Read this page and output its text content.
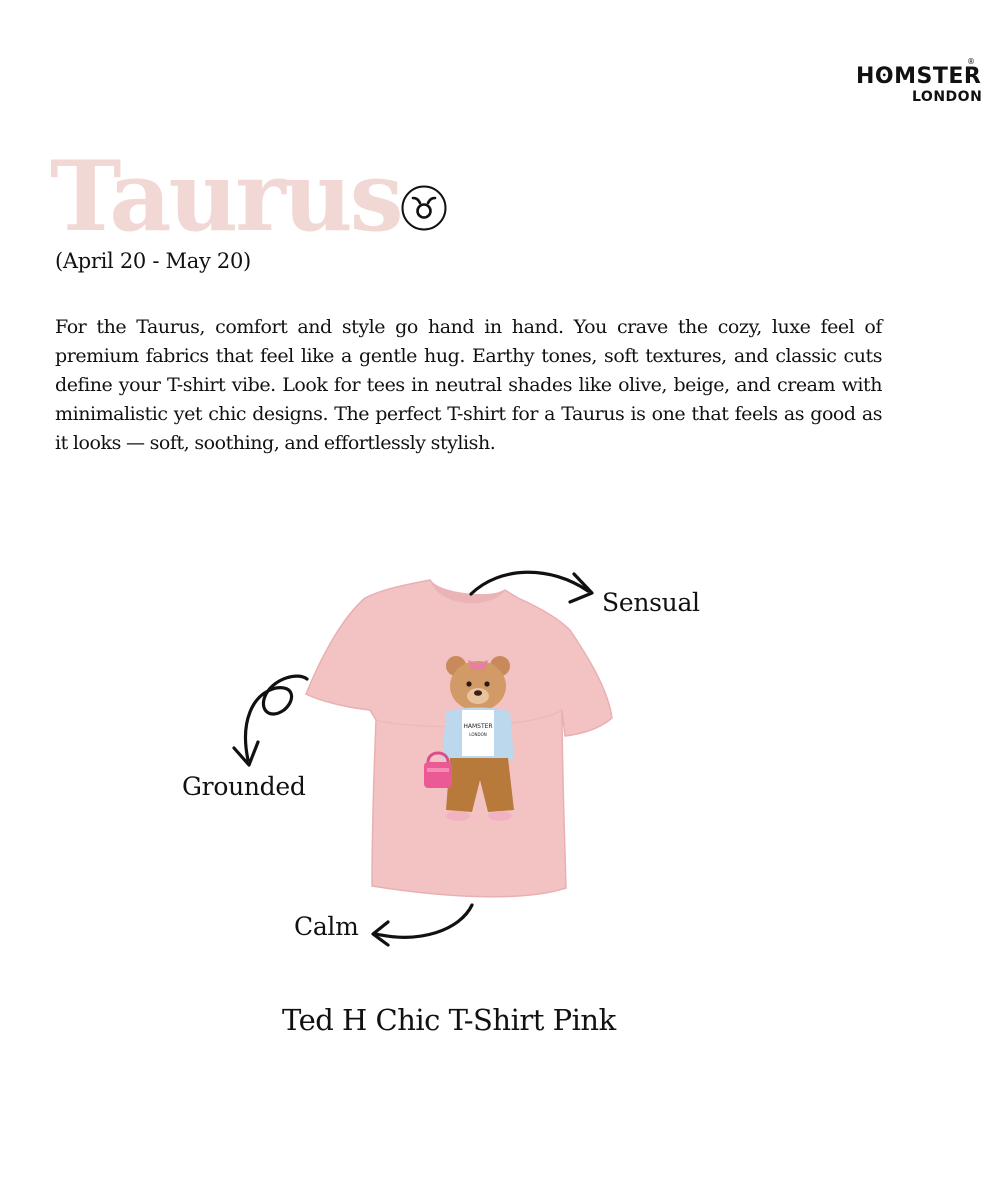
HʘMSTER
®
LONDON
Taurus
(April 20 - May 20)

For the Taurus, comfort and style go hand in hand. You crave the cozy, luxe feel of premium fabrics that feel like a gentle hug. Earthy tones, soft textures, and classic cuts define your T-shirt vibe. Look for tees in neutral shades like olive, beige, and cream with minimalistic yet chic designs. The perfect T-shirt for a Taurus is one that feels as good as it looks — soft, soothing, and effortlessly stylish.

HAMSTER
LONDON
Sensual
Grounded
Calm
Ted H Chic T-Shirt Pink
